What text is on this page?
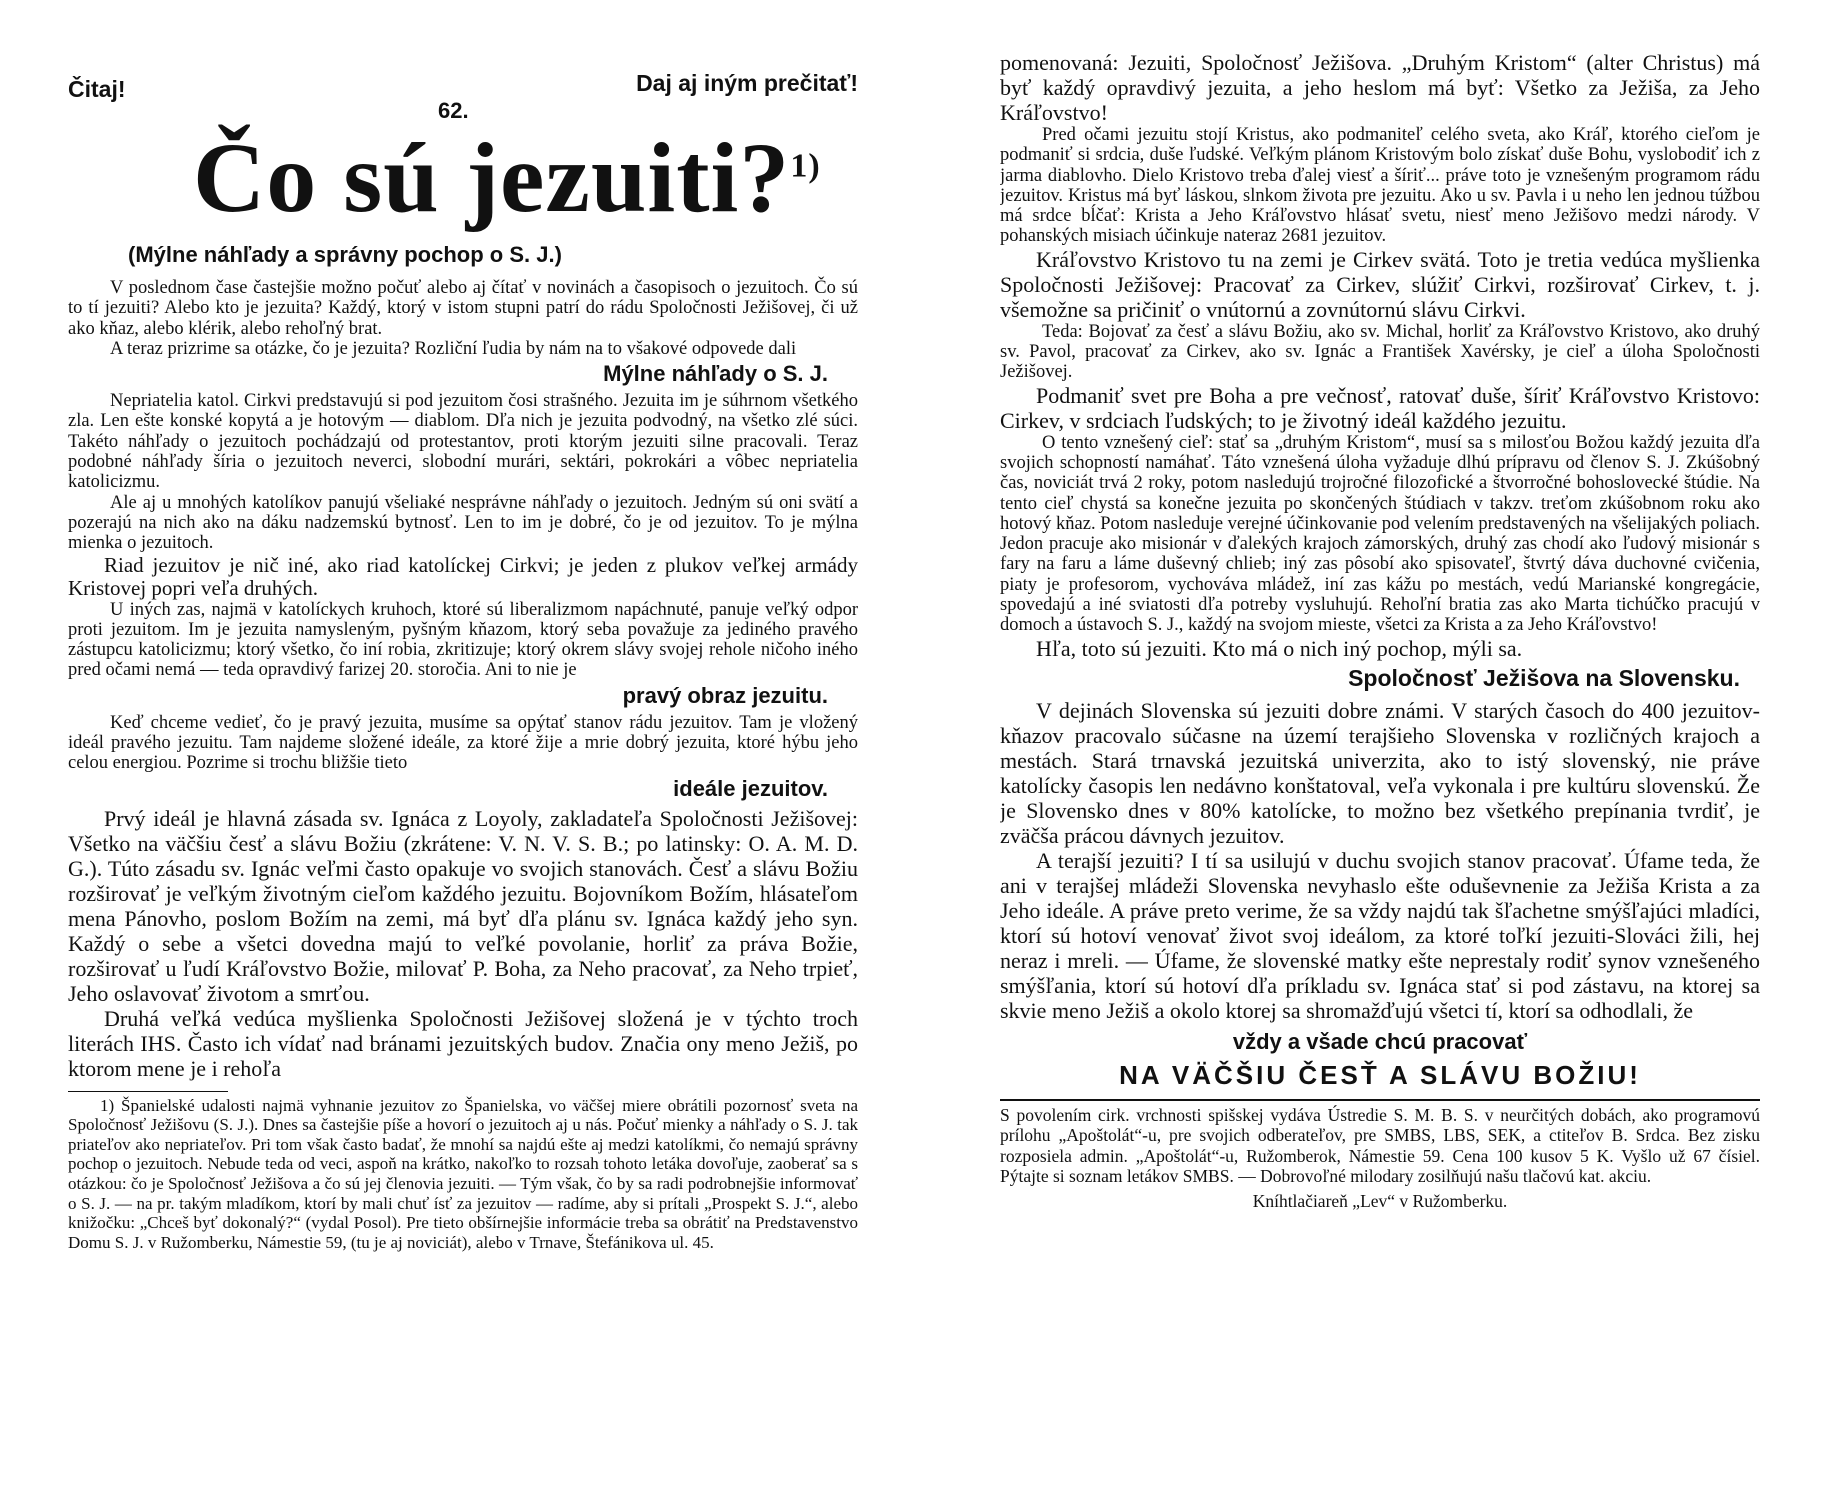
Čitaj!
62.
Daj aj iným prečitať!
Čo sú jezuiti?$^{1)}$
(Mýlne náhľady a správny pochop o S. J.)

V poslednom čase častejšie možno počuť alebo aj čítať v novinách a časopisoch o jezuitoch. Čo sú to tí jezuiti? Alebo kto je jezuita? Každý, ktorý v istom stupni patrí do rádu Spoločnosti Ježišovej, či už ako kňaz, alebo klérik, alebo rehoľný brat.

A teraz prizrime sa otázke, čo je jezuita? Rozliční ľudia by nám na to všakové odpovede dali

Mýlne náhľady o S. J.

Nepriatelia katol. Cirkvi predstavujú si pod jezuitom čosi strašného. Jezuita im je súhrnom všetkého zla. Len ešte konské kopytá a je hotovým — diablom. Dľa nich je jezuita podvodný, na všetko zlé súci. Takéto náhľady o jezuitoch pochádzajú od protestantov, proti ktorým jezuiti silne pracovali. Teraz podobné náhľady šíria o jezuitoch neverci, slobodní murári, sektári, pokrokári a vôbec nepriatelia katolicizmu.

Ale aj u mnohých katolíkov panujú všeliaké nesprávne náhľady o jezuitoch. Jedným sú oni svätí a pozerajú na nich ako na dáku nadzemskú bytnosť. Len to im je dobré, čo je od jezuitov. To je mýlna mienka o jezuitoch.

Riad jezuitov je nič iné, ako riad katolíckej Cirkvi; je jeden z plukov veľkej armády Kristovej popri veľa druhých.

U iných zas, najmä v katolíckych kruhoch, ktoré sú liberalizmom napáchnuté, panuje veľký odpor proti jezuitom. Im je jezuita namysleným, pyšným kňazom, ktorý seba považuje za jediného pravého zástupcu katolicizmu; ktorý všetko, čo iní robia, zkritizuje; ktorý okrem slávy svojej rehole ničoho iného pred očami nemá — teda opravdivý farizej 20. storočia. Ani to nie je

pravý obraz jezuitu.

Keď chceme vedieť, čo je pravý jezuita, musíme sa opýtať stanov rádu jezuitov. Tam je vložený ideál pravého jezuitu. Tam najdeme složené ideále, za ktoré žije a mrie dobrý jezuita, ktoré hýbu jeho celou energiou. Pozrime si trochu bližšie tieto

ideále jezuitov.

Prvý ideál je hlavná zásada sv. Ignáca z Loyoly, zakladateľa Spoločnosti Ježišovej: Všetko na väčšiu česť a slávu Božiu (zkrátene: V. N. V. S. B.; po latinsky: O. A. M. D. G.). Túto zásadu sv. Ignác veľmi často opakuje vo svojich stanovách. Česť a slávu Božiu rozširovať je veľkým životným cieľom každého jezuitu. Bojovníkom Božím, hlásateľom mena Pánovho, poslom Božím na zemi, má byť dľa plánu sv. Ignáca každý jeho syn. Každý o sebe a všetci dovedna majú to veľké povolanie, horliť za práva Božie, rozširovať u ľudí Kráľovstvo Božie, milovať P. Boha, za Neho pracovať, za Neho trpieť, Jeho oslavovať životom a smrťou.

Druhá veľká vedúca myšlienka Spoločnosti Ježišovej složená je v týchto troch literách IHS. Často ich vídať nad bránami jezuitských budov. Značia ony meno Ježiš, po ktorom mene je i rehoľa

1) Španielské udalosti najmä vyhnanie jezuitov zo Španielska, vo väčšej miere obrátili pozornosť sveta na Spoločnosť Ježišovu (S. J.). Dnes sa častejšie píše a hovorí o jezuitoch aj u nás. Počuť mienky a náhľady o S. J. tak priateľov ako nepriateľov. Pri tom však často badať, že mnohí sa najdú ešte aj medzi katolíkmi, čo nemajú správny pochop o jezuitoch. Nebude teda od veci, aspoň na krátko, nakoľko to rozsah tohoto letáka dovoľuje, zaoberať sa s otázkou: čo je Spoločnosť Ježišova a čo sú jej členovia jezuiti. — Tým však, čo by sa radi podrobnejšie informovať o S. J. — na pr. takým mladíkom, ktorí by mali chuť ísť za jezuitov — radíme, aby si prítali „Prospekt S. J.“, alebo knižočku: „Chceš byť dokonalý?“ (vydal Posol). Pre tieto obšírnejšie informácie treba sa obrátiť na Predstavenstvo Domu S. J. v Ružomberku, Námestie 59, (tu je aj noviciát), alebo v Trnave, Štefánikova ul. 45.

pomenovaná: Jezuiti, Spoločnosť Ježišova. „Druhým Kristom“ (alter Christus) má byť každý opravdivý jezuita, a jeho heslom má byť: Všetko za Ježiša, za Jeho Kráľovstvo!

Pred očami jezuitu stojí Kristus, ako podmaniteľ celého sveta, ako Kráľ, ktorého cieľom je podmaniť si srdcia, duše ľudské. Veľkým plánom Kristovým bolo získať duše Bohu, vyslobodiť ich z jarma diablovho. Dielo Kristovo treba ďalej viesť a šíriť... práve toto je vznešeným programom rádu jezuitov. Kristus má byť láskou, slnkom života pre jezuitu. Ako u sv. Pavla i u neho len jednou túžbou má srdce bĺčať: Krista a Jeho Kráľovstvo hlásať svetu, niesť meno Ježišovo medzi národy. V pohanských misiach účinkuje nateraz 2681 jezuitov.

Kráľovstvo Kristovo tu na zemi je Cirkev svätá. Toto je tretia vedúca myšlienka Spoločnosti Ježišovej: Pracovať za Cirkev, slúžiť Cirkvi, rozširovať Cirkev, t. j. všemožne sa pričiniť o vnútornú a zovnútornú slávu Cirkvi.

Teda: Bojovať za česť a slávu Božiu, ako sv. Michal, horliť za Kráľovstvo Kristovo, ako druhý sv. Pavol, pracovať za Cirkev, ako sv. Ignác a František Xavérsky, je cieľ a úloha Spoločnosti Ježišovej.

Podmaniť svet pre Boha a pre večnosť, ratovať duše, šíriť Kráľovstvo Kristovo: Cirkev, v srdciach ľudských; to je životný ideál každého jezuitu.

O tento vznešený cieľ: stať sa „druhým Kristom“, musí sa s milosťou Božou každý jezuita dľa svojich schopností namáhať. Táto vznešená úloha vyžaduje dlhú prípravu od členov S. J. Zkúšobný čas, noviciát trvá 2 roky, potom nasledujú trojročné filozofické a štvorročné bohoslovecké štúdie. Na tento cieľ chystá sa konečne jezuita po skončených štúdiach v takzv. treťom zkúšobnom roku ako hotový kňaz. Potom nasleduje verejné účinkovanie pod velením predstavených na všelijakých poliach. Jedon pracuje ako misionár v ďalekých krajoch zámorských, druhý zas chodí ako ľudový misionár s fary na faru a láme duševný chlieb; iný zas pôsobí ako spisovateľ, štvrtý dáva duchovné cvičenia, piaty je profesorom, vychováva mládež, iní zas kážu po mestách, vedú Marianské kongregácie, spovedajú a iné sviatosti dľa potreby vysluhujú. Rehoľní bratia zas ako Marta tichúčko pracujú v domoch a ústavoch S. J., každý na svojom mieste, všetci za Krista a za Jeho Kráľovstvo!

Hľa, toto sú jezuiti. Kto má o nich iný pochop, mýli sa.

Spoločnosť Ježišova na Slovensku.

V dejinách Slovenska sú jezuiti dobre známi. V starých časoch do 400 jezuitov-kňazov pracovalo súčasne na území terajšieho Slovenska v rozličných krajoch a mestách. Stará trnavská jezuitská univerzita, ako to istý slovenský, nie práve katolícky časopis len nedávno konštatoval, veľa vykonala i pre kultúru slovenskú. Že je Slovensko dnes v 80% katolícke, to možno bez všetkého prepínania tvrdiť, je zväčša prácou dávnych jezuitov.

A terajší jezuiti? I tí sa usilujú v duchu svojich stanov pracovať. Úfame teda, že ani v terajšej mládeži Slovenska nevyhaslo ešte oduševnenie za Ježiša Krista a za Jeho ideále. A práve preto verime, že sa vždy najdú tak šľachetne smýšľajúci mladíci, ktorí sú hotoví venovať život svoj ideálom, za ktoré toľkí jezuiti-Slováci žili, hej neraz i mreli. — Úfame, že slovenské matky ešte neprestaly rodiť synov vznešeného smýšľania, ktorí sú hotoví dľa príkladu sv. Ignáca stať si pod zástavu, na ktorej sa skvie meno Ježiš a okolo ktorej sa shromažďujú všetci tí, ktorí sa odhodlali, že

vždy a všade chcú pracovať

NA VÄČŠIU ČESŤ A SLÁVU BOŽIU!

S povolením cirk. vrchnosti spišskej vydáva Ústredie S. M. B. S. v neurčitých dobách, ako programovú prílohu „Apoštolát“-u, pre svojich odberateľov, pre SMBS, LBS, SEK, a ctiteľov B. Srdca. Bez zisku rozposiela admin. „Apoštolát“-u, Ružomberok, Námestie 59. Cena 100 kusov 5 K. Vyšlo už 67 čísiel. Pýtajte si soznam letákov SMBS. — Dobrovoľné milodary zosilňujú našu tlačovú kat. akciu.

Kníhtlačiareň „Lev“ v Ružomberku.
